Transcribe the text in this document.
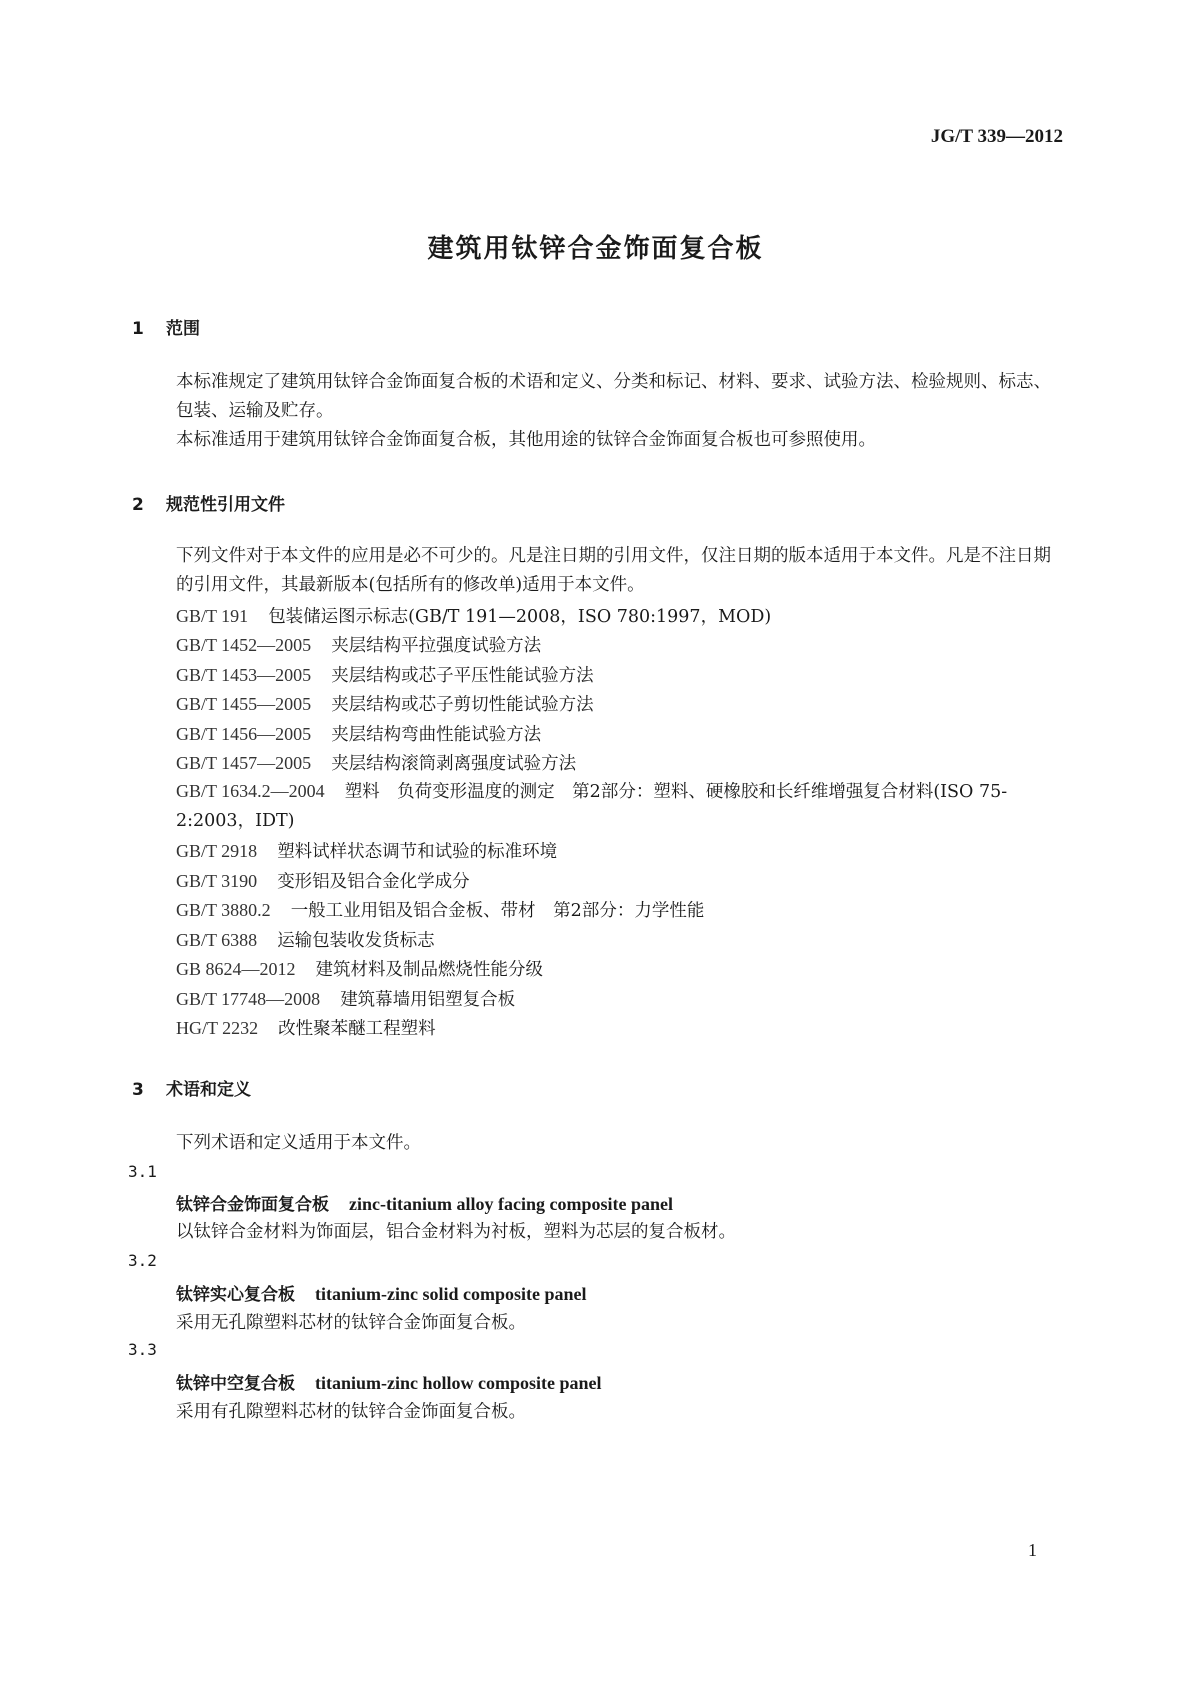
JG/T 339—2012
建筑用钛锌合金饰面复合板
1 范围
本标准规定了建筑用钛锌合金饰面复合板的术语和定义、分类和标记、材料、要求、试验方法、检验规则、标志、包装、运输及贮存。
本标准适用于建筑用钛锌合金饰面复合板，其他用途的钛锌合金饰面复合板也可参照使用。
2 规范性引用文件
下列文件对于本文件的应用是必不可少的。凡是注日期的引用文件，仅注日期的版本适用于本文件。凡是不注日期的引用文件，其最新版本(包括所有的修改单)适用于本文件。
GB/T 191 包装储运图示标志(GB/T 191—2008，ISO 780:1997，MOD)
GB/T 1452—2005 夹层结构平拉强度试验方法
GB/T 1453—2005 夹层结构或芯子平压性能试验方法
GB/T 1455—2005 夹层结构或芯子剪切性能试验方法
GB/T 1456—2005 夹层结构弯曲性能试验方法
GB/T 1457—2005 夹层结构滚筒剥离强度试验方法
GB/T 1634.2—2004 塑料　负荷变形温度的测定　第2部分：塑料、硬橡胶和长纤维增强复合材料(ISO 75-2:2003，IDT)
GB/T 2918 塑料试样状态调节和试验的标准环境
GB/T 3190 变形铝及铝合金化学成分
GB/T 3880.2 一般工业用铝及铝合金板、带材　第2部分：力学性能
GB/T 6388 运输包装收发货标志
GB 8624—2012 建筑材料及制品燃烧性能分级
GB/T 17748—2008 建筑幕墙用铝塑复合板
HG/T 2232 改性聚苯醚工程塑料
3 术语和定义
下列术语和定义适用于本文件。
3.1
钛锌合金饰面复合板 zinc-titanium alloy facing composite panel
以钛锌合金材料为饰面层，铝合金材料为衬板，塑料为芯层的复合板材。
3.2
钛锌实心复合板 titanium-zinc solid composite panel
采用无孔隙塑料芯材的钛锌合金饰面复合板。
3.3
钛锌中空复合板 titanium-zinc hollow composite panel
采用有孔隙塑料芯材的钛锌合金饰面复合板。
1
